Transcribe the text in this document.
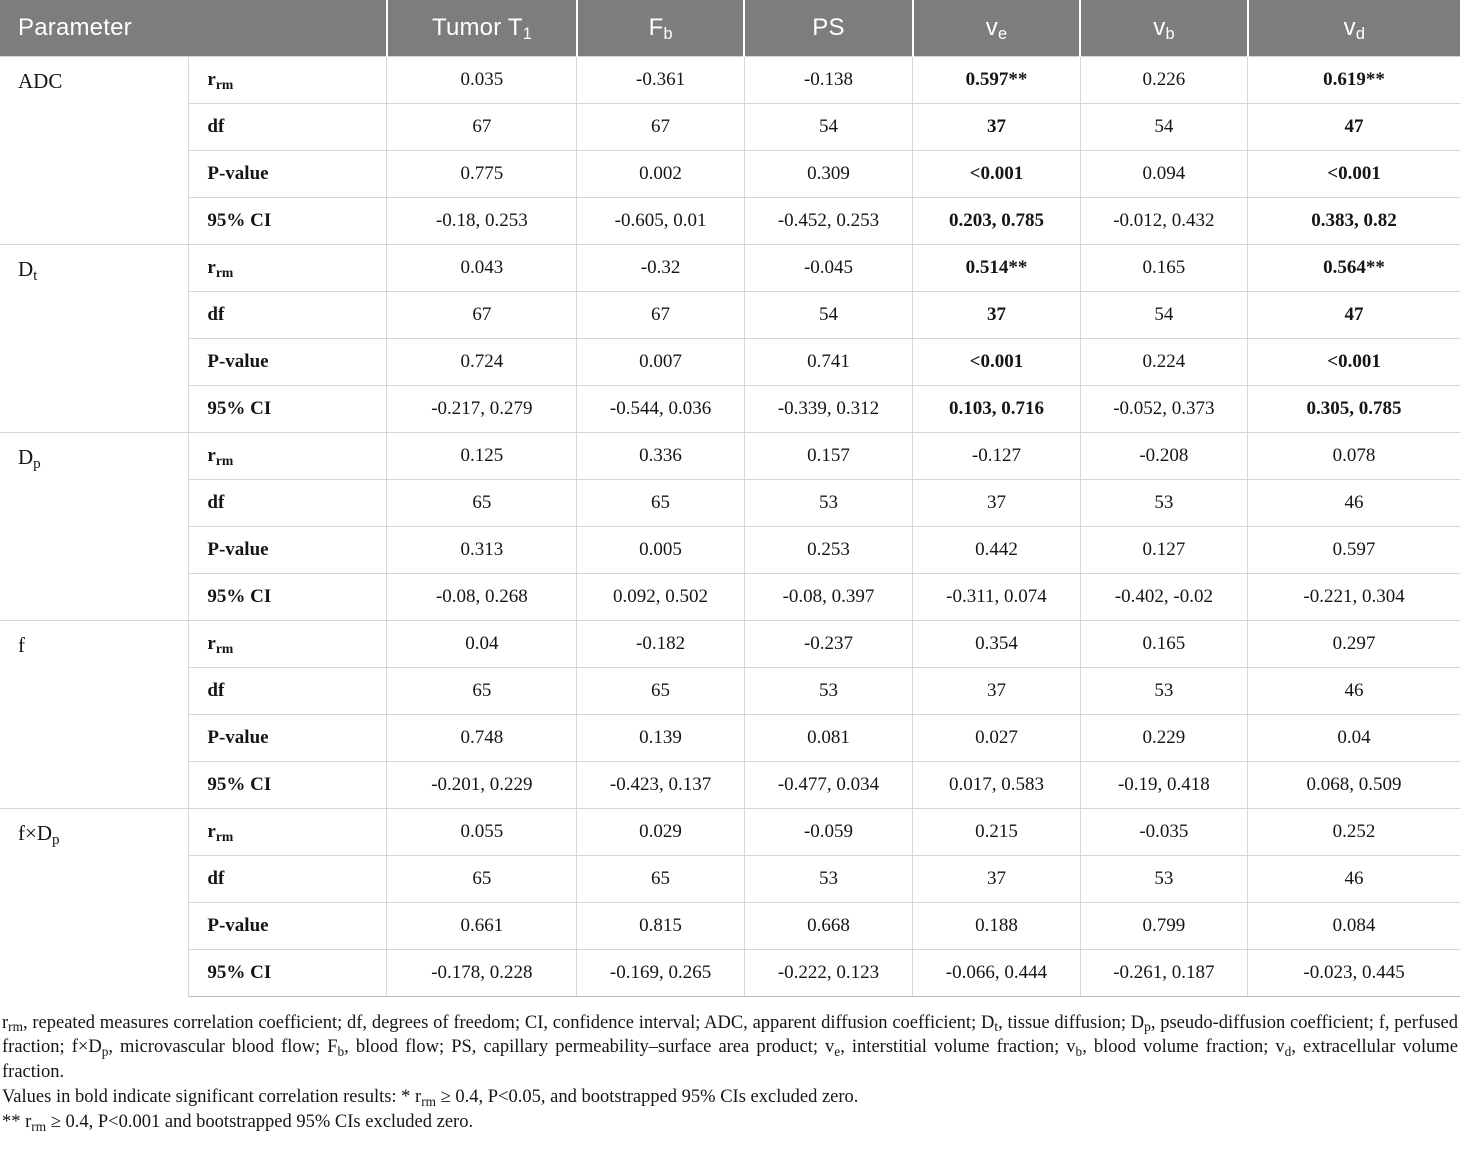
Parameter		Tumor $T_1$	$F_b$	PS	$v_e$	$v_b$	$v_d$
ADC	$r_{rm}$	0.035	-0.361	-0.138	0.597**	0.226	0.619**
	df	67	67	54	37	54	47
	P-value	0.775	0.002	0.309	<0.001	0.094	<0.001
	95% CI	-0.18, 0.253	-0.605, 0.01	-0.452, 0.253	0.203, 0.785	-0.012, 0.432	0.383, 0.82
$D_t$	$r_{rm}$	0.043	-0.32	-0.045	0.514**	0.165	0.564**
	df	67	67	54	37	54	47
	P-value	0.724	0.007	0.741	<0.001	0.224	<0.001
	95% CI	-0.217, 0.279	-0.544, 0.036	-0.339, 0.312	0.103, 0.716	-0.052, 0.373	0.305, 0.785
$D_p$	$r_{rm}$	0.125	0.336	0.157	-0.127	-0.208	0.078
	df	65	65	53	37	53	46
	P-value	0.313	0.005	0.253	0.442	0.127	0.597
	95% CI	-0.08, 0.268	0.092, 0.502	-0.08, 0.397	-0.311, 0.074	-0.402, -0.02	-0.221, 0.304
f	$r_{rm}$	0.04	-0.182	-0.237	0.354	0.165	0.297
	df	65	65	53	37	53	46
	P-value	0.748	0.139	0.081	0.027	0.229	0.04
	95% CI	-0.201, 0.229	-0.423, 0.137	-0.477, 0.034	0.017, 0.583	-0.19, 0.418	0.068, 0.509
$f\times D_p$	$r_{rm}$	0.055	0.029	-0.059	0.215	-0.035	0.252
	df	65	65	53	37	53	46
	P-value	0.661	0.815	0.668	0.188	0.799	0.084
	95% CI	-0.178, 0.228	-0.169, 0.265	-0.222, 0.123	-0.066, 0.444	-0.261, 0.187	-0.023, 0.445

$r_{rm}$, repeated measures correlation coefficient; df, degrees of freedom; CI, confidence interval; ADC, apparent diffusion coefficient; $D_t$, tissue diffusion; $D_p$, pseudo-diffusion coefficient; f, perfused fraction; $f\times D_p$, microvascular blood flow; $F_b$, blood flow; PS, capillary permeability–surface area product; $v_e$, interstitial volume fraction; $v_b$, blood volume fraction; $v_d$, extracellular volume fraction.

Values in bold indicate significant correlation results: * $r_{rm} \ge 0.4$, P<0.05, and bootstrapped 95% CIs excluded zero.

** $r_{rm} \ge 0.4$, P<0.001 and bootstrapped 95% CIs excluded zero.
